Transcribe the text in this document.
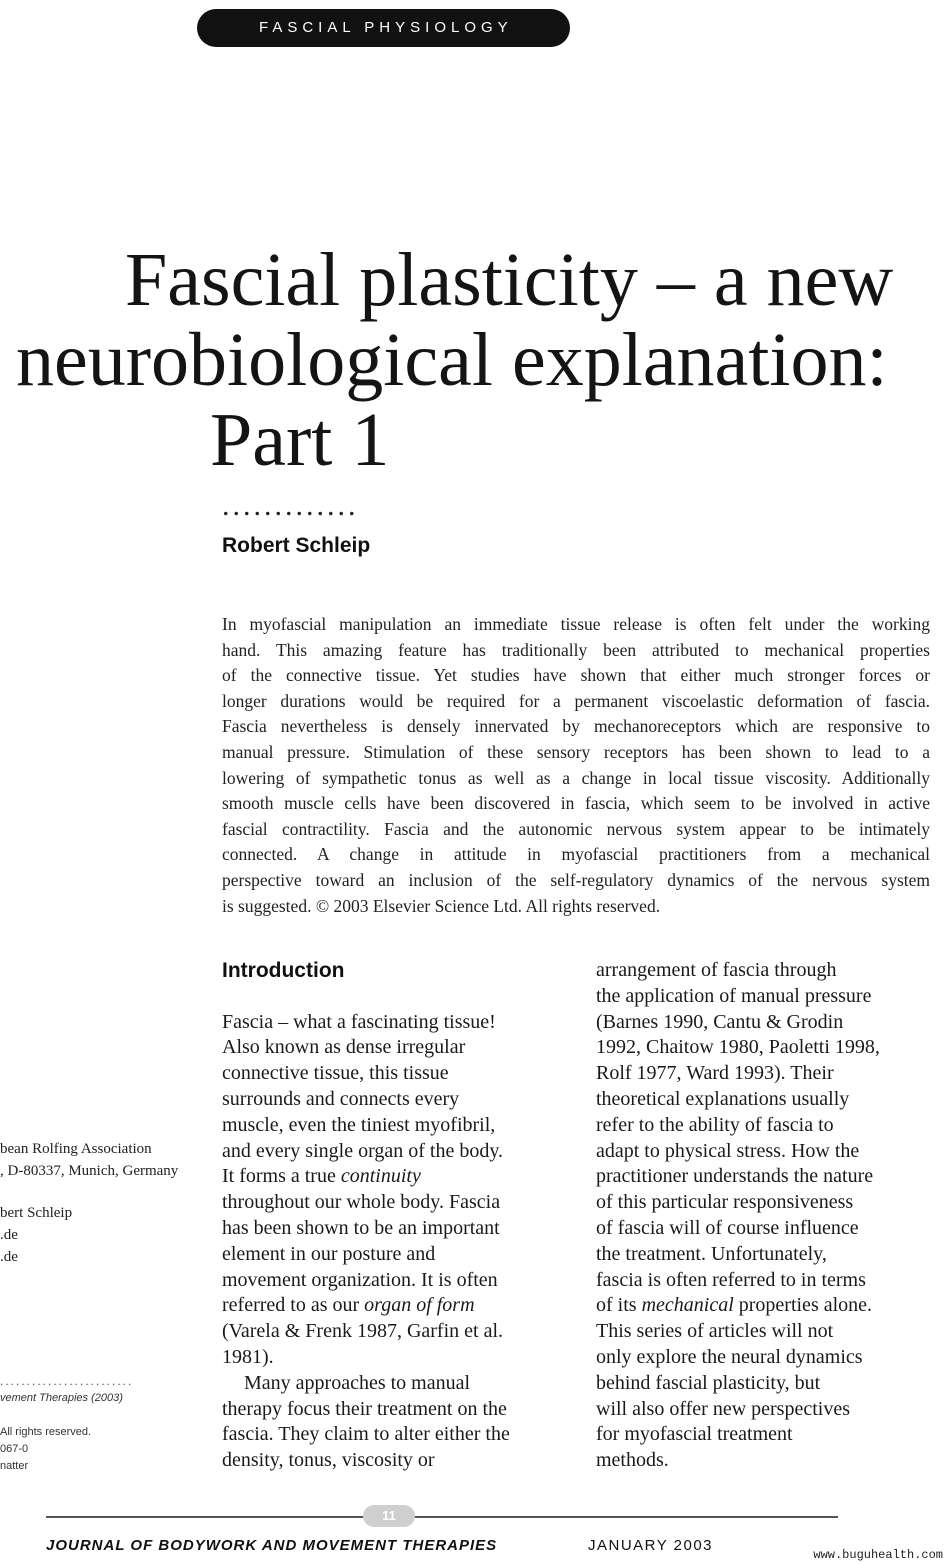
FASCIAL PHYSIOLOGY
Fascial plasticity – a new
neurobiological explanation:
Part 1
.............
Robert Schleip
In myofascial manipulation an immediate tissue release is often felt under the working
hand. This amazing feature has traditionally been attributed to mechanical properties
of the connective tissue. Yet studies have shown that either much stronger forces or
longer durations would be required for a permanent viscoelastic deformation of fascia.
Fascia nevertheless is densely innervated by mechanoreceptors which are responsive to
manual pressure. Stimulation of these sensory receptors has been shown to lead to a
lowering of sympathetic tonus as well as a change in local tissue viscosity. Additionally
smooth muscle cells have been discovered in fascia, which seem to be involved in active
fascial contractility. Fascia and the autonomic nervous system appear to be intimately
connected. A change in attitude in myofascial practitioners from a mechanical
perspective toward an inclusion of the self-regulatory dynamics of the nervous system
is suggested. © 2003 Elsevier Science Ltd. All rights reserved.
Introduction
Fascia – what a fascinating tissue!
Also known as dense irregular
connective tissue, this tissue
surrounds and connects every
muscle, even the tiniest myofibril,
and every single organ of the body.
It forms a true continuity
throughout our whole body. Fascia
has been shown to be an important
element in our posture and
movement organization. It is often
referred to as our organ of form
(Varela & Frenk 1987, Garfin et al.
1981).
Many approaches to manual
therapy focus their treatment on the
fascia. They claim to alter either the
density, tonus, viscosity or
arrangement of fascia through
the application of manual pressure
(Barnes 1990, Cantu & Grodin
1992, Chaitow 1980, Paoletti 1998,
Rolf 1977, Ward 1993). Their
theoretical explanations usually
refer to the ability of fascia to
adapt to physical stress. How the
practitioner understands the nature
of this particular responsiveness
of fascia will of course influence
the treatment. Unfortunately,
fascia is often referred to in terms
of its mechanical properties alone.
This series of articles will not
only explore the neural dynamics
behind fascial plasticity, but
will also offer new perspectives
for myofascial treatment
methods.
bean Rolfing Association
, D-80337, Munich, Germany
bert Schleip
.de
.de
.........................
vement Therapies (2003)
All rights reserved.
067-0
natter
11
JOURNAL OF BODYWORK AND MOVEMENT THERAPIES	JANUARY 2003
www.buguhealth.com
